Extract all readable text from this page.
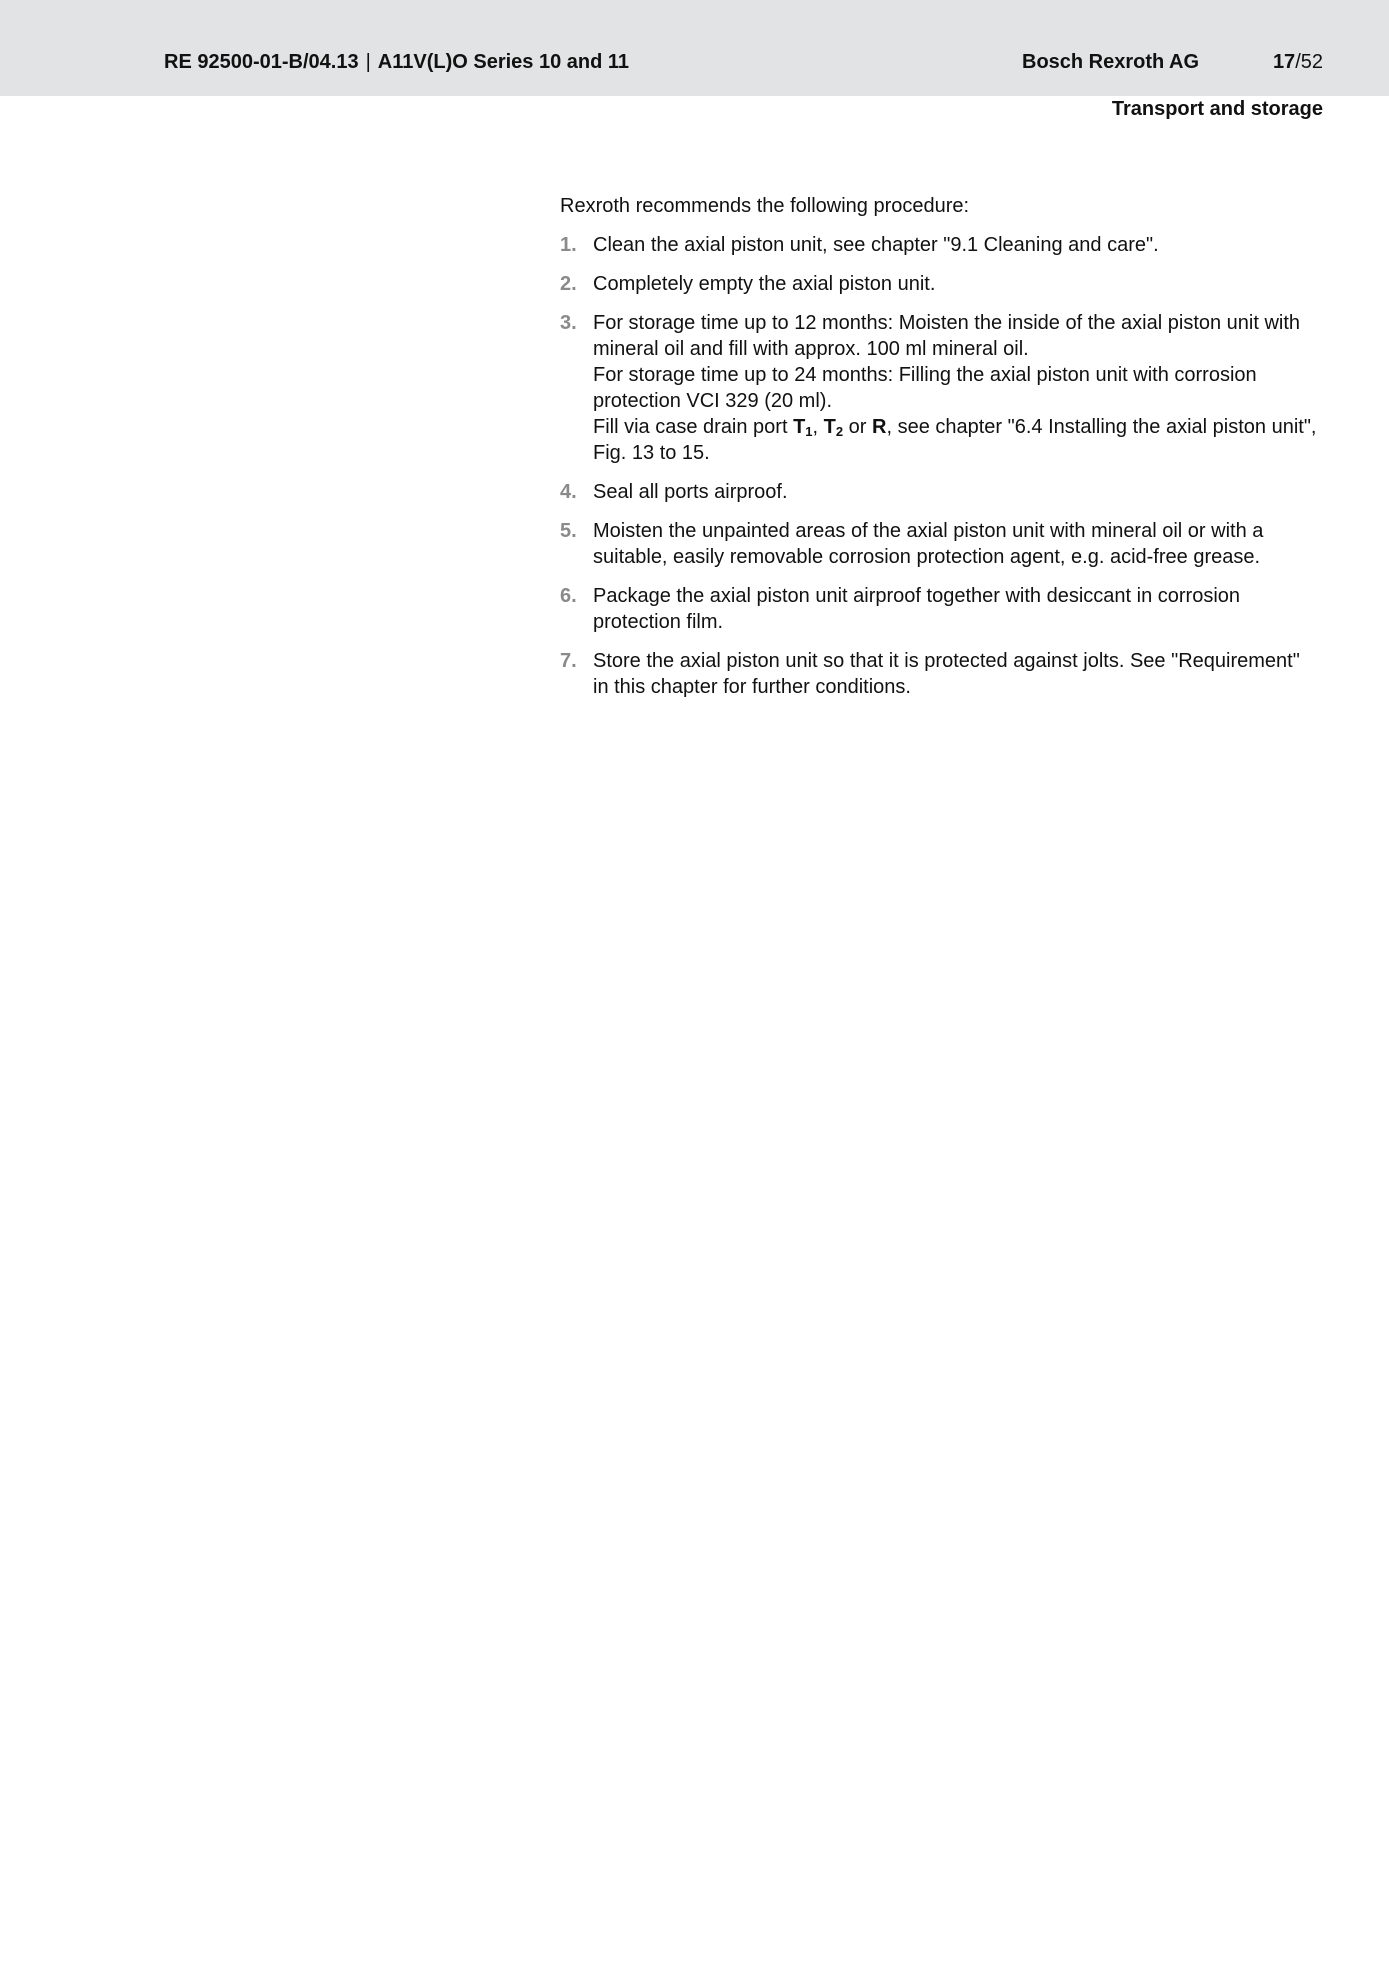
RE 92500-01-B/04.13 | A11V(L)O Series 10 and 11	Bosch Rexroth AG	17/52
Transport and storage

Rexroth recommends the following procedure:

1. Clean the axial piston unit, see chapter "9.1 Cleaning and care".
2. Completely empty the axial piston unit.
3. For storage time up to 12 months: Moisten the inside of the axial piston unit with mineral oil and fill with approx. 100 ml mineral oil.
For storage time up to 24 months: Filling the axial piston unit with corrosion protection VCI 329 (20 ml).
Fill via case drain port $T_1$, $T_2$ or R, see chapter "6.4 Installing the axial piston unit", Fig. 13 to 15.
4. Seal all ports airproof.
5. Moisten the unpainted areas of the axial piston unit with mineral oil or with a suitable, easily removable corrosion protection agent, e.g. acid-free grease.
6. Package the axial piston unit airproof together with desiccant in corrosion protection film.
7. Store the axial piston unit so that it is protected against jolts. See "Requirement" in this chapter for further conditions.
